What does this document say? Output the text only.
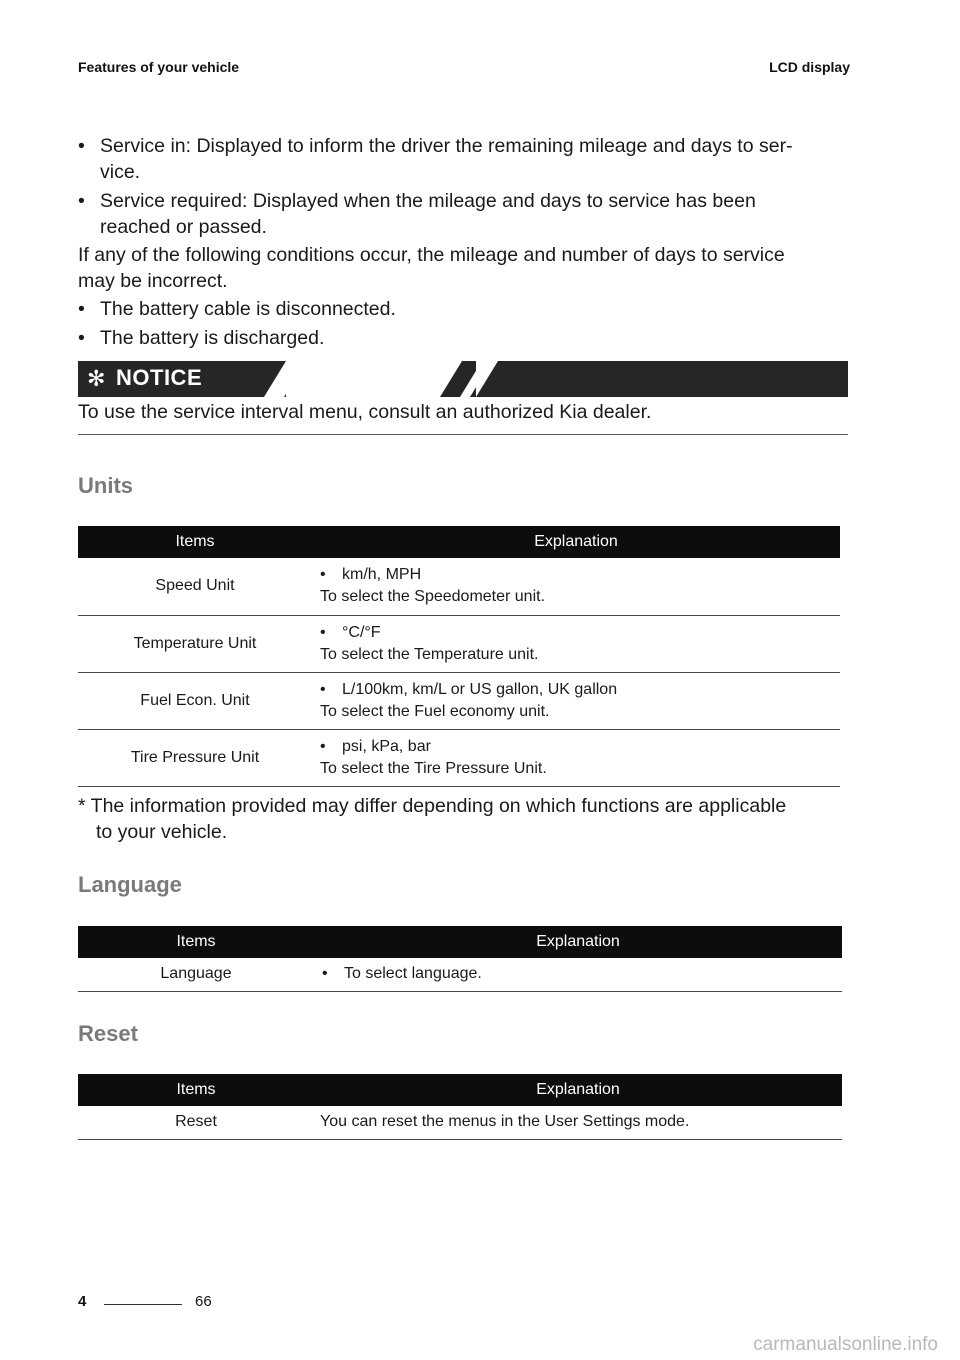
Features of your vehicle	LCD display
• Service in: Displayed to inform the driver the remaining mileage and days to ser-
vice.
• Service required: Displayed when the mileage and days to service has been
reached or passed.

If any of the following conditions occur, the mileage and number of days to service
may be incorrect.

• The battery cable is disconnected.
• The battery is discharged.
✻ NOTICE
To use the service interval menu, consult an authorized Kia dealer.
Units
Items	Explanation
Speed Unit	• km/h, MPH
To select the Speedometer unit.
Temperature Unit	• °C/°F
To select the Temperature unit.
Fuel Econ. Unit	• L/100km, km/L or US gallon, UK gallon
To select the Fuel economy unit.
Tire Pressure Unit	• psi, kPa, bar
To select the Tire Pressure Unit.
* The information provided may differ depending on which functions are applicable
to your vehicle.
Language
Items	Explanation
Language	• To select language.
Reset
Items	Explanation
Reset	You can reset the menus in the User Settings mode.
4	66
carmanualsonline.info
